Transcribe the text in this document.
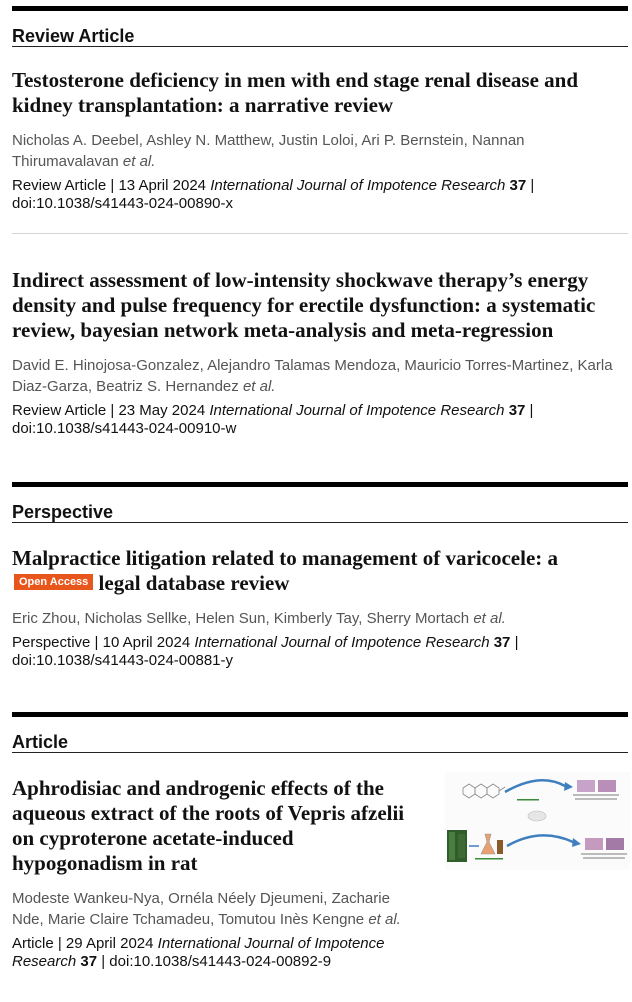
Review Article
Testosterone deficiency in men with end stage renal disease and kidney transplantation: a narrative review
Nicholas A. Deebel, Ashley N. Matthew, Justin Loloi, Ari P. Bernstein, Nannan Thirumavalavan et al.
Review Article | 13 April 2024 International Journal of Impotence Research 37 | doi:10.1038/s41443-024-00890-x
Indirect assessment of low-intensity shockwave therapy’s energy density and pulse frequency for erectile dysfunction: a systematic review, bayesian network meta-analysis and meta-regression
David E. Hinojosa-Gonzalez, Alejandro Talamas Mendoza, Mauricio Torres-Martinez, Karla Diaz-Garza, Beatriz S. Hernandez et al.
Review Article | 23 May 2024 International Journal of Impotence Research 37 | doi:10.1038/s41443-024-00910-w
Perspective
Malpractice litigation related to management of varicocele: a Open Access legal database review
Eric Zhou, Nicholas Sellke, Helen Sun, Kimberly Tay, Sherry Mortach et al.
Perspective | 10 April 2024 International Journal of Impotence Research 37 | doi:10.1038/s41443-024-00881-y
Article
Aphrodisiac and androgenic effects of the aqueous extract of the roots of Vepris afzelii on cyproterone acetate-induced hypogonadism in rat
Modeste Wankeu-Nya, Ornéla Néely Djeumeni, Zacharie Nde, Marie Claire Tchamadeu, Tomutou Inès Kengne et al.
Article | 29 April 2024 International Journal of Impotence Research 37 | doi:10.1038/s41443-024-00892-9
